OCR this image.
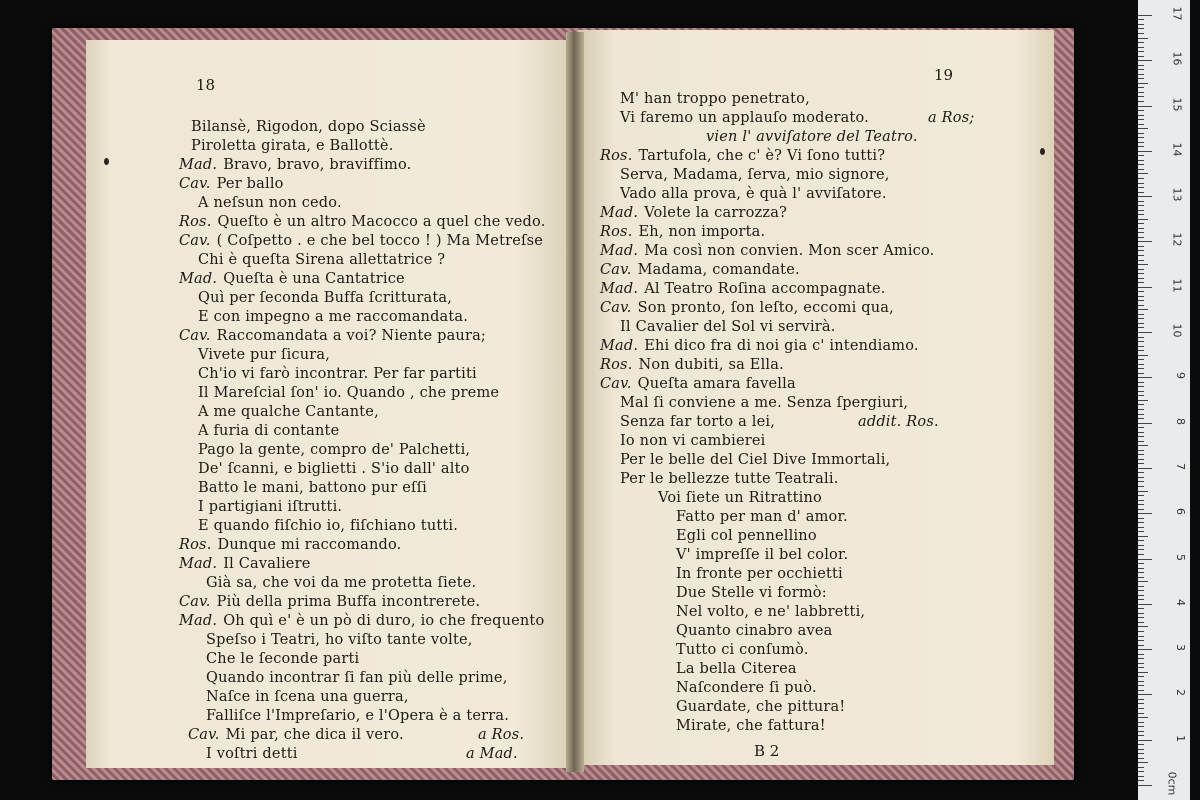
18
Bilansè, Rigodon, dopo Sciassè
Piroletta girata, e Ballottè.
Mad. Bravo, bravo, braviffimo.
Cav. Per ballo
A neſsun non cedo.
Ros. Queſto è un altro Macocco a quel che vedo.
Cav. ( Coſpetto . e che bel tocco ! ) Ma Metreſse
Chi è queſta Sirena allettatrice ?
Mad. Queſta è una Cantatrice
Quì per ſeconda Buffa ſcritturata,
E con impegno a me raccomandata.
Cav. Raccomandata a voi? Niente paura;
Vivete pur ſicura,
Ch'io vi farò incontrar. Per far partiti
Il Mareſcial ſon' io. Quando , che preme
A me qualche Cantante,
A furia di contante
Pago la gente, compro de' Palchetti,
De' ſcanni, e biglietti . S'io dall' alto
Batto le mani, battono pur eſſi
I partigiani iſtrutti.
E quando fiſchio io, fiſchiano tutti.
Ros. Dunque mi raccomando.
Mad. Il Cavaliere
Già sa, che voi da me protetta ſiete.
Cav. Più della prima Buffa incontrerete.
Mad. Oh quì e' è un pò di duro, io che frequento
Speſso i Teatri, ho viſto tante volte,
Che le ſeconde parti
Quando incontrar ſi fan più delle prime,
Naſce in ſcena una guerra,
Falliſce l'Impreſario, e l'Opera è a terra.
Cav. Mi par, che dica il vero.
I voſtri detti
a Ros.
a Mad.
19
B 2
M' han troppo penetrato,
Vi faremo un applauſo moderato.
vien l' avviſatore del Teatro.
Ros. Tartufola, che c' è? Vi ſono tutti?
Serva, Madama, ſerva, mio signore,
Vado alla prova, è quà l' avviſatore.
Mad. Volete la carrozza?
Ros. Eh, non importa.
Mad. Ma così non convien. Mon scer Amico.
Cav. Madama, comandate.
Mad. Al Teatro Roſina accompagnate.
Cav. Son pronto, ſon leſto, eccomi qua,
Il Cavalier del Sol vi servirà.
Mad. Ehi dico fra di noi gia c' intendiamo.
Ros. Non dubiti, sa Ella.
Cav. Queſta amara favella
Mal ſi conviene a me. Senza ſpergiuri,
Senza far torto a lei,
Io non vi cambierei
Per le belle del Ciel Dive Immortali,
Per le bellezze tutte Teatrali.
Voi ſiete un Ritrattino
Fatto per man d' amor.
Egli col pennellino
V' impreſſe il bel color.
In fronte per occhietti
Due Stelle vi formò:
Nel volto, e ne' labbretti,
Quanto cinabro avea
Tutto ci conſumò.
La bella Citerea
Naſcondere ſi può.
Guardate, che pittura!
Mirate, che fattura!
a Ros;
addit. Ros.
0cm
1
2
3
4
5
6
7
8
9
10
11
12
13
14
15
16
17
